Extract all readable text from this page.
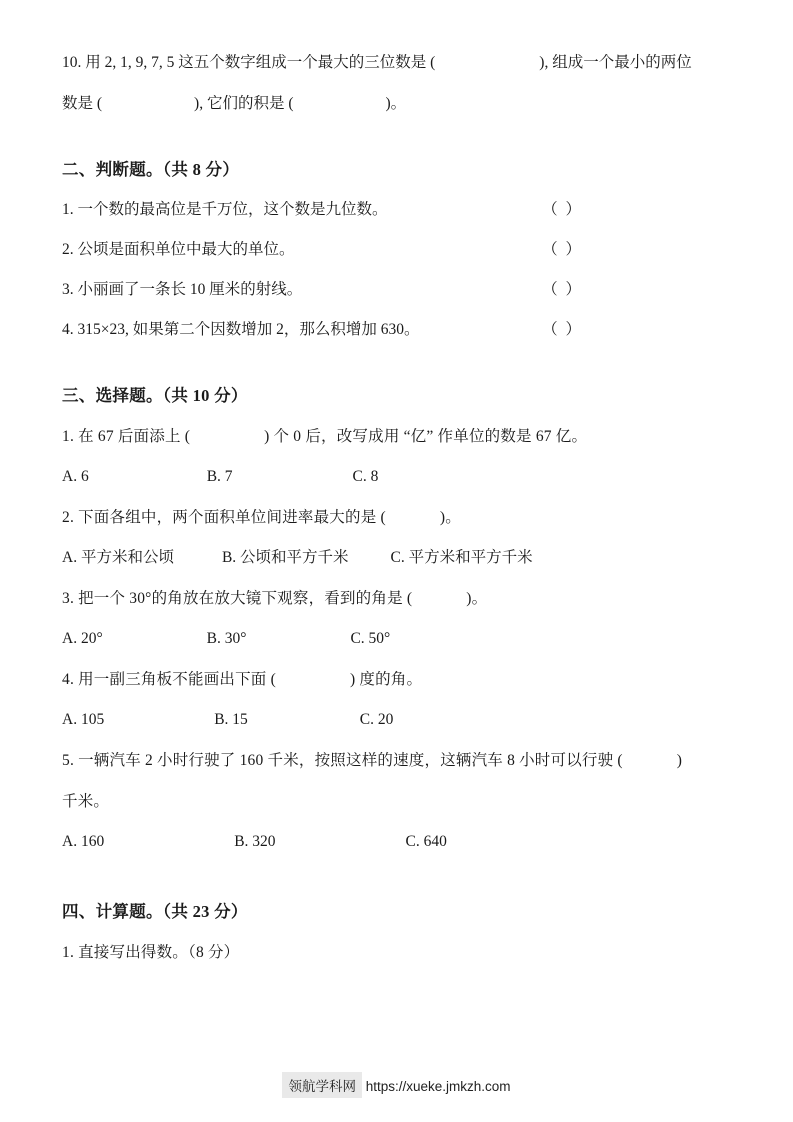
10. 用 2, 1, 9, 7, 5 这五个数字组成一个最大的三位数是 (	), 组成一个最小的两位
数是 (	), 它们的积是 (	)。
二、判断题。（共 8 分）
1. 一个数的最高位是千万位，这个数是九位数。	（ ）
2. 公顷是面积单位中最大的单位。	（ ）
3. 小丽画了一条长 10 厘米的射线。	（ ）
4. 315×23, 如果第二个因数增加 2，那么积增加 630。	（ ）
三、选择题。（共 10 分）
1. 在 67 后面添上 (	) 个 0 后，改写成用 “亿” 作单位的数是 67 亿。
A. 6	B. 7	C. 8
2. 下面各组中，两个面积单位间进率最大的是 (	)。
A. 平方米和公顷	B. 公顷和平方千米	C. 平方米和平方千米
3. 把一个 30°的角放在放大镜下观察，看到的角是 (	)。
A. 20°	B. 30°	C. 50°
4. 用一副三角板不能画出下面 (	) 度的角。
A. 105	B. 15	C. 20
5. 一辆汽车 2 小时行驶了 160 千米，按照这样的速度，这辆汽车 8 小时可以行驶 (	)
千米。
A. 160	B. 320	C. 640
四、计算题。（共 23 分）
1. 直接写出得数。（8 分）
领航学科网 https://xueke.jmkzh.com
